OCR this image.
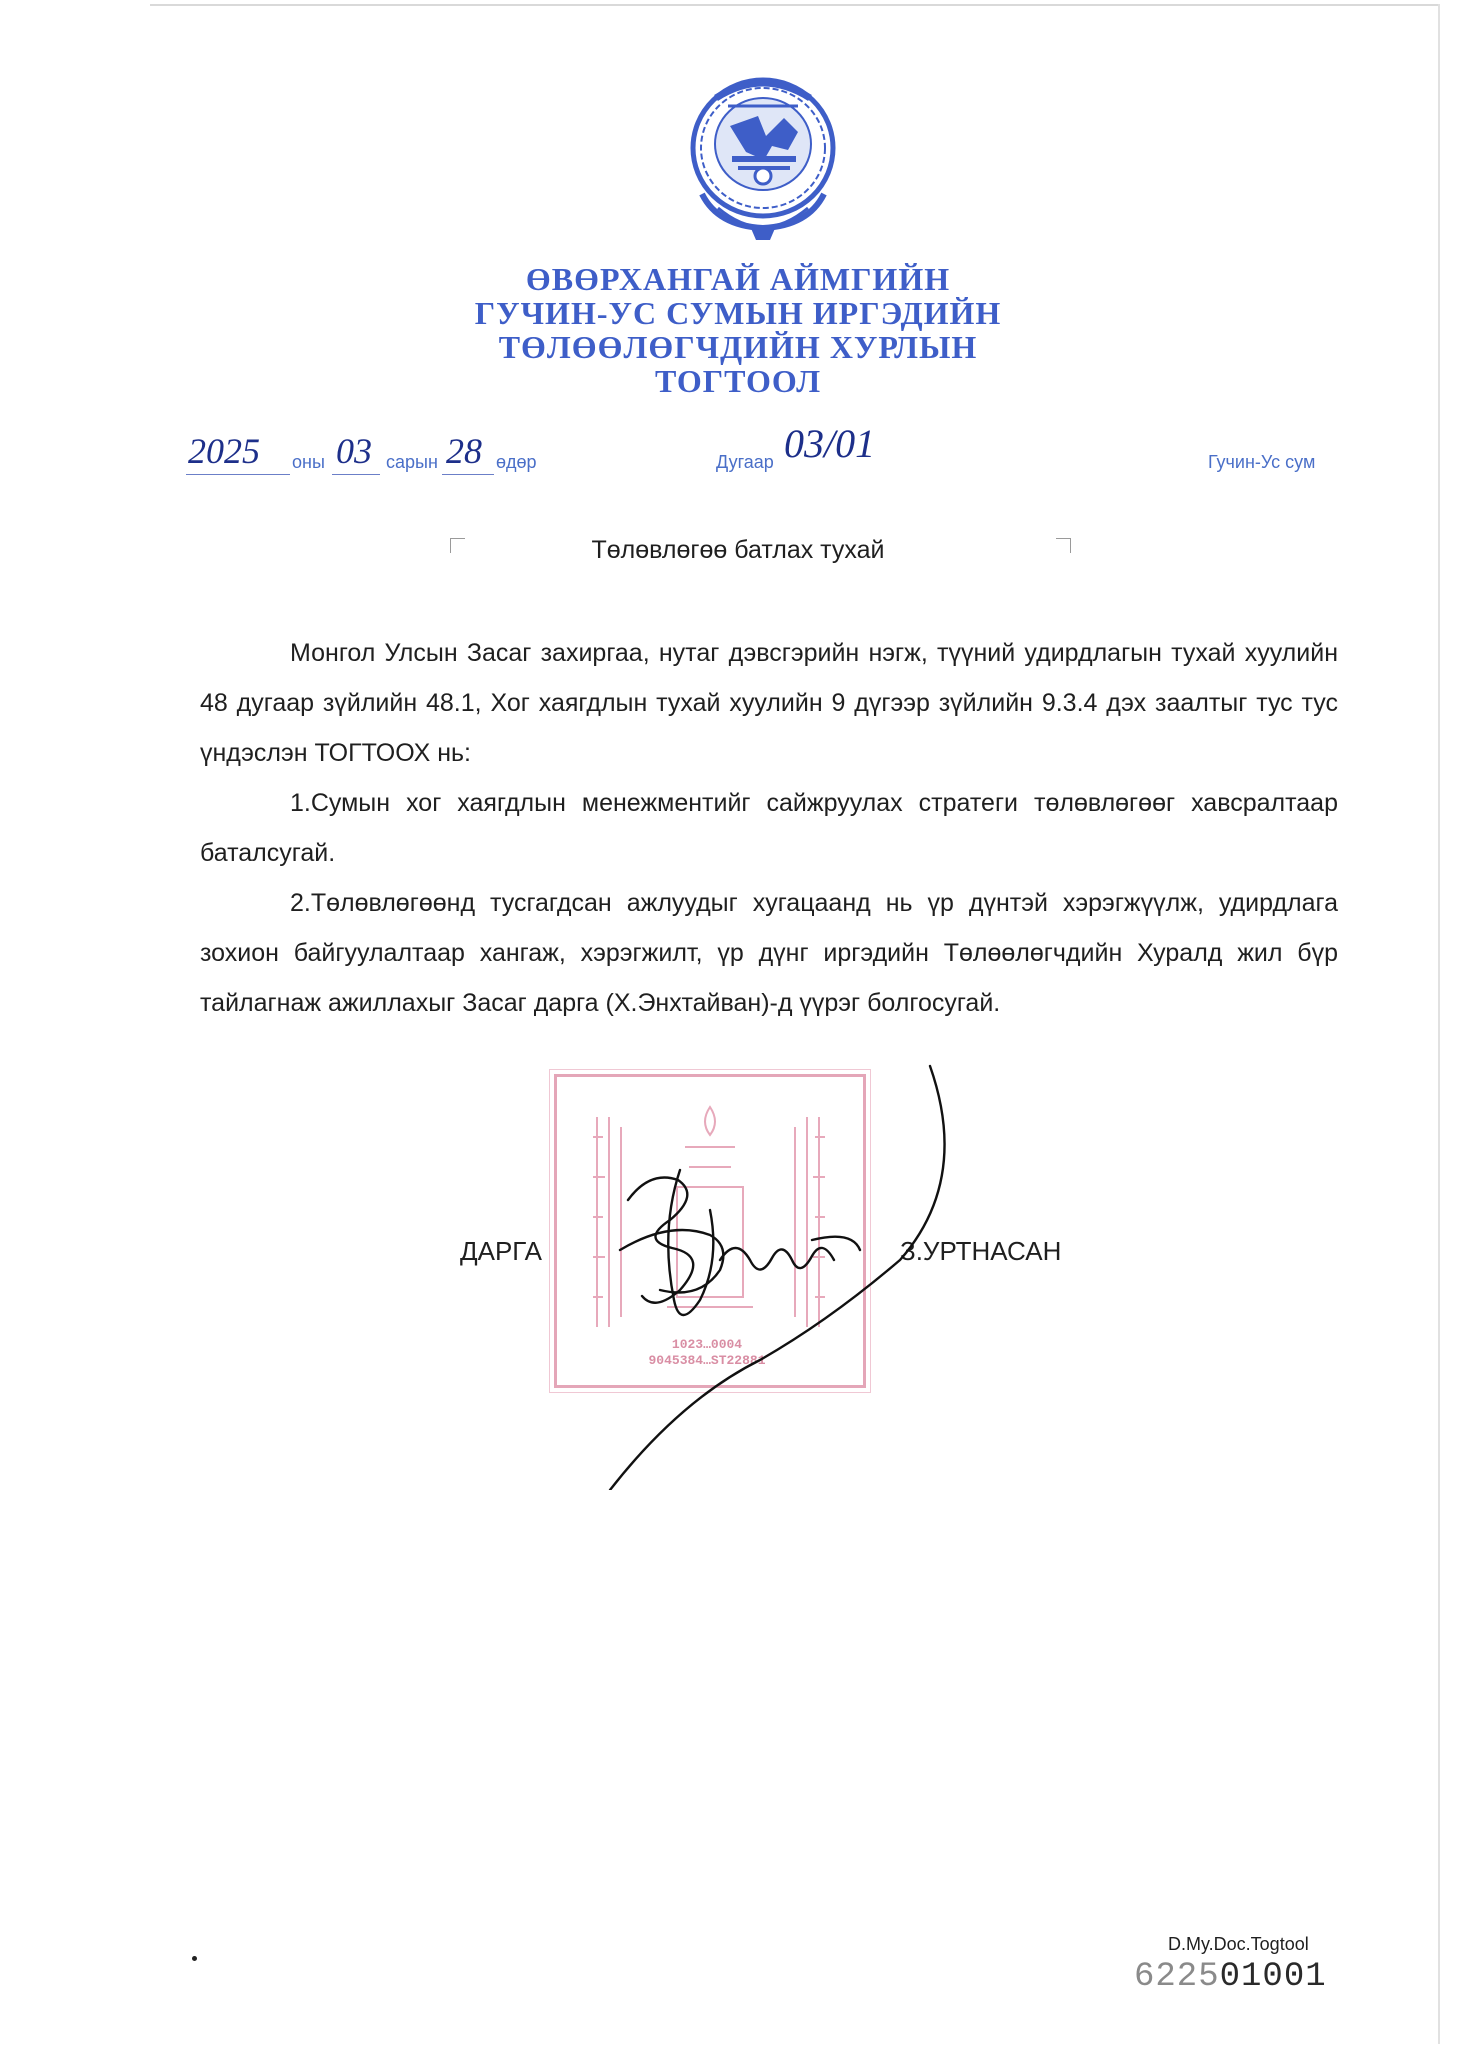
ӨВӨРХАНГАЙ АЙМГИЙН
ГУЧИН-УС СУМЫН ИРГЭДИЙН
ТӨЛӨӨЛӨГЧДИЙН ХУРЛЫН
ТОГТООЛ
2025 оны 03 сарын 28 өдөр	Дугаар 03/01	Гучин-Ус сум
Төлөвлөгөө батлах тухай

Монгол Улсын Засаг захиргаа, нутаг дэвсгэрийн нэгж, түүний удирдлагын тухай хуулийн 48 дугаар зүйлийн 48.1, Хог хаягдлын тухай хуулийн 9 дүгээр зүйлийн 9.3.4 дэх заалтыг тус тус үндэслэн ТОГТООХ нь:

1.Сумын хог хаягдлын менежментийг сайжруулах стратеги төлөвлөгөөг хавсралтаар баталсугай.

2.Төлөвлөгөөнд тусгагдсан ажлуудыг хугацаанд нь үр дүнтэй хэрэгжүүлж, удирдлага зохион байгуулалтаар хангаж, хэрэгжилт, үр дүнг иргэдийн Төлөөлөгчдийн Хуралд жил бүр тайлагнаж ажиллахыг Засаг дарга (Х.Энхтайван)-д үүрэг болгосугай.

1023…0004
9045384…ST22881
ДАРГА	З.УРТНАСАН
D.My.Doc.Togtool
622501001
